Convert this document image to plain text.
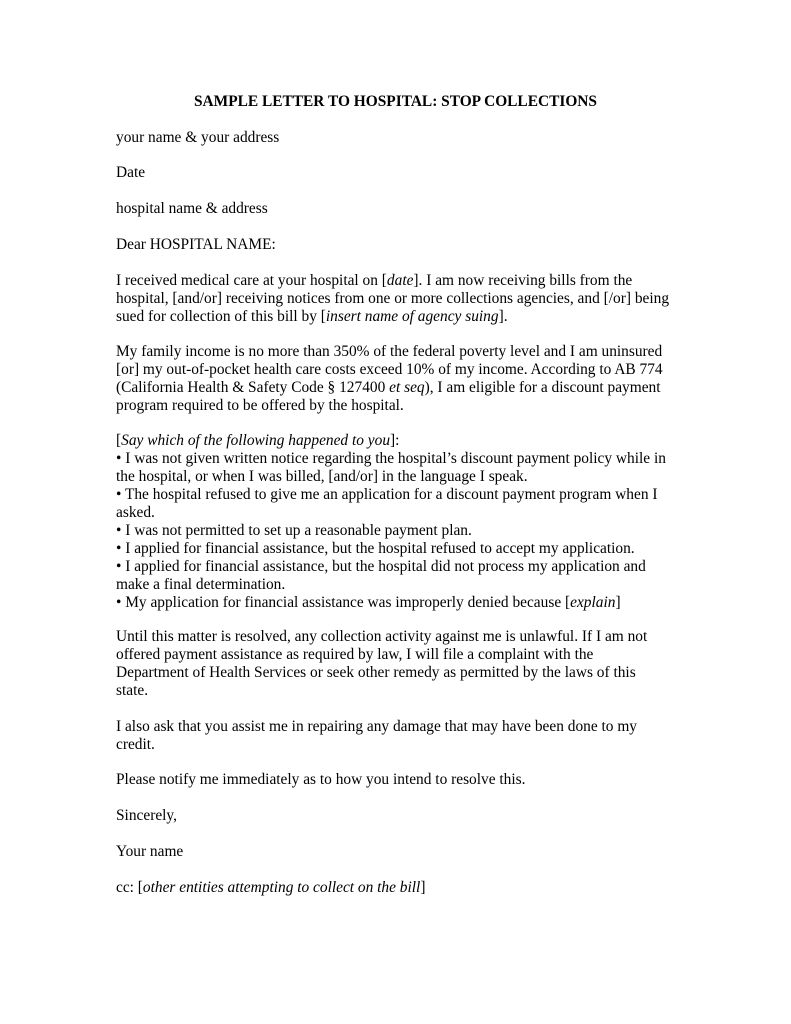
SAMPLE LETTER TO HOSPITAL: STOP COLLECTIONS
your name & your address
Date
hospital name & address
Dear HOSPITAL NAME:
I received medical care at your hospital on [date]. I am now receiving bills from the
hospital, [and/or] receiving notices from one or more collections agencies, and [/or] being
sued for collection of this bill by [insert name of agency suing].
My family income is no more than 350% of the federal poverty level and I am uninsured
[or] my out-of-pocket health care costs exceed 10% of my income. According to AB 774
(California Health & Safety Code § 127400 et seq), I am eligible for a discount payment
program required to be offered by the hospital.
[Say which of the following happened to you]:
• I was not given written notice regarding the hospital’s discount payment policy while in
the hospital, or when I was billed, [and/or] in the language I speak.
• The hospital refused to give me an application for a discount payment program when I
asked.
• I was not permitted to set up a reasonable payment plan.
• I applied for financial assistance, but the hospital refused to accept my application.
• I applied for financial assistance, but the hospital did not process my application and
make a final determination.
• My application for financial assistance was improperly denied because [explain]
Until this matter is resolved, any collection activity against me is unlawful. If I am not
offered payment assistance as required by law, I will file a complaint with the
Department of Health Services or seek other remedy as permitted by the laws of this
state.
I also ask that you assist me in repairing any damage that may have been done to my
credit.
Please notify me immediately as to how you intend to resolve this.
Sincerely,
Your name
cc: [other entities attempting to collect on the bill]
